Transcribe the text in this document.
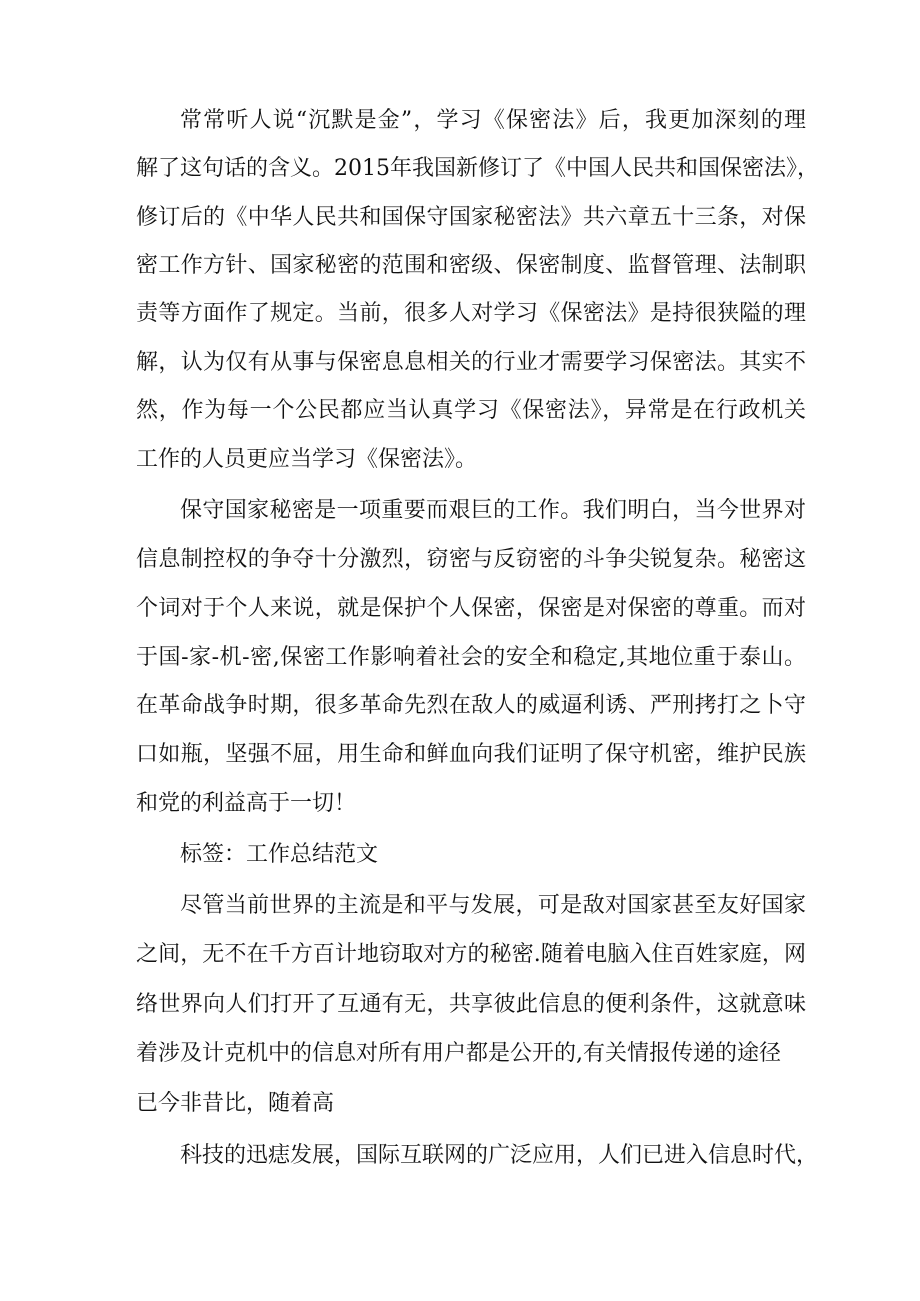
常常听人说“沉默是金”，学习《保密法》后，我更加深刻的理
解了这句话的含义。2015年我国新修订了《中国人民共和国保密法》，
修订后的《中华人民共和国保守国家秘密法》共六章五十三条，对保
密工作方针、国家秘密的范围和密级、保密制度、监督管理、法制职
责等方面作了规定。当前，很多人对学习《保密法》是持很狭隘的理
解，认为仅有从事与保密息息相关的行业才需要学习保密法。其实不
然，作为每一个公民都应当认真学习《保密法》，异常是在行政机关
工作的人员更应当学习《保密法》。
保守国家秘密是一项重要而艰巨的工作。我们明白，当今世界对
信息制控权的争夺十分激烈，窃密与反窃密的斗争尖锐复杂。秘密这
个词对于个人来说，就是保护个人保密，保密是对保密的尊重。而对
于国-家-机-密,保密工作影响着社会的安全和稳定,其地位重于泰山。
在革命战争时期，很多革命先烈在敌人的威逼利诱、严刑拷打之卜守
口如瓶，坚强不屈，用生命和鲜血向我们证明了保守机密，维护民族
和党的利益高于一切！
标签：工作总结范文
尽管当前世界的主流是和平与发展，可是敌对国家甚至友好国家
之间，无不在千方百计地窃取对方的秘密.随着电脑入住百姓家庭，网
络世界向人们打开了互通有无，共享彼此信息的便利条件，这就意味
着涉及计克机中的信息对所有用户都是公开的,有关情报传递的途径
已今非昔比，随着高
科技的迅痣发展，国际互联网的广泛应用，人们已进入信息时代，
